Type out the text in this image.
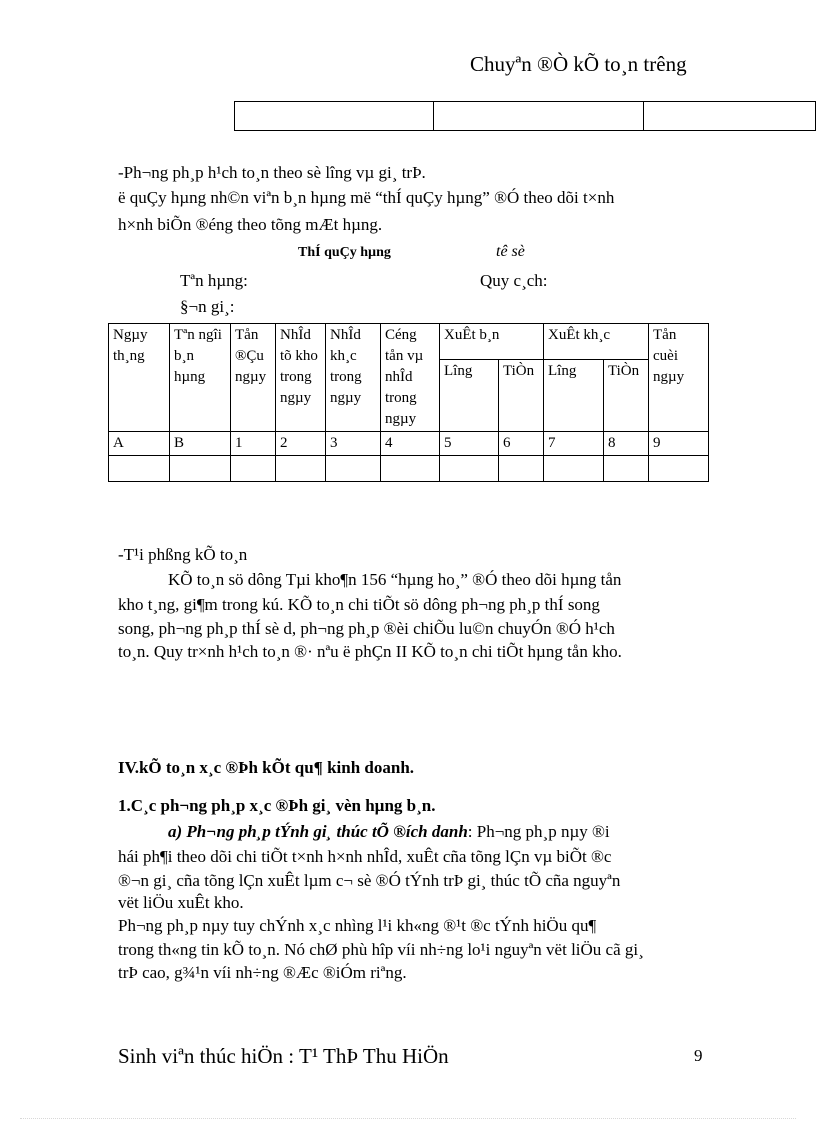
Chuyªn ®Ò kÕ to¸n trêng

-Ph¬ng ph¸p h¹ch to¸n theo sè lîng vµ gi¸ trÞ.
ë quÇy hµng nh©n viªn b¸n hµng më “thÍ quÇy hµng” ®Ó theo dõi t×nh
h×nh biÕn ®éng theo tõng mÆt hµng.
ThÍ quÇy hµng	tê sè
Tªn hµng:	Quy c¸ch:
§¬n gi¸:
Ngµy th¸ng	Tªn ngîi b¸n hµng	Tån ®Çu ngµy	NhÎd tõ kho trong ngµy	NhÎd kh¸c trong ngµy	Céng tån vµ nhÎd trong ngµy	XuÊt b¸n		XuÊt kh¸c		Tån cuèi ngµy
						Lîng	TiÒn	Lîng	TiÒn	
A	B	1	2	3	4	5	6	7	8	9

-T¹i phßng kÕ to¸n
KÕ to¸n sö dông Tµi kho¶n 156 “hµng ho¸” ®Ó theo dõi hµng tån
kho t¸ng, gi¶m trong kú. KÕ to¸n chi tiÕt sö dông ph¬ng ph¸p thÍ song
song, ph¬ng ph¸p thÍ sè d, ph¬ng ph¸p ®èi chiÕu lu©n chuyÓn ®Ó h¹ch
to¸n. Quy tr×nh h¹ch to¸n ®· nªu ë phÇn II KÕ to¸n chi tiÕt hµng tån kho.
IV.kÕ to¸n x¸c ®Þh kÕt qu¶ kinh doanh.
1.C¸c ph¬ng ph¸p x¸c ®Þh gi¸ vèn hµng b¸n.
a) Ph¬ng ph¸p tÝnh gi¸ thúc tÕ ®ích danh: Ph¬ng ph¸p nµy ®i
hái ph¶i theo dõi chi tiÕt t×nh h×nh nhÎd, xuÊt cña tõng lÇn vµ biÕt ®c
®¬n gi¸ cña tõng lÇn xuÊt lµm c¬ sè ®Ó tÝnh trÞ gi¸ thúc tÕ cña nguyªn
vët liÖu xuÊt kho.
Ph¬ng ph¸p nµy tuy chÝnh x¸c nhìng l¹i kh«ng ®¹t ®c tÝnh hiÖu qu¶
trong th«ng tin kÕ to¸n. Nó chØ phù hîp víi nh÷ng lo¹i nguyªn vët liÖu cã gi¸
trÞ cao, g¾¹n víi nh÷ng ®Æc ®iÓm riªng.
Sinh viªn thúc hiÖn : T¹ ThÞ Thu HiÖn	9
